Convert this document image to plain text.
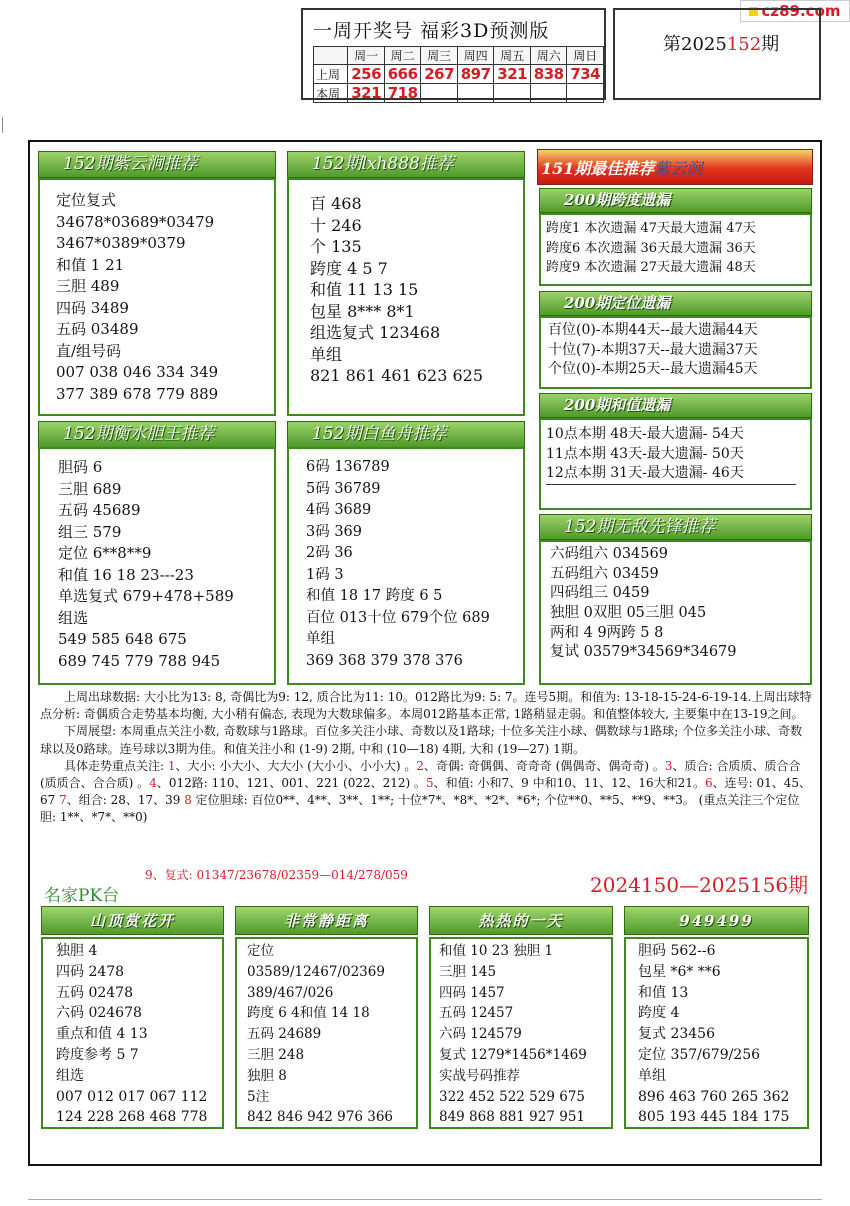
cz89.com
一周开奖号 福彩3D预测版
	周一	周二	周三	周四	周五	周六	周日
上周	256	666	267	897	321	838	734
本周	321	718					
第2025152期
152期紫云涧推荐
定位复式
34678*03689*03479
3467*0389*0379
和值 1 21
三胆 489
四码 3489
五码 03489
直/组号码
007 038 046 334 349
377 389 678 779 889
152期lxh888推荐
百 468
十 246
个 135
跨度 4 5 7
和值 11 13 15
包星 8*** 8*1
组选复式 123468
单组
821 861 461 623 625
152期衡水胆王推荐
胆码 6
三胆 689
五码 45689
组三 579
定位 6**8**9
和值 16 18 23---23
单选复式 679+478+589
组选
549 585 648 675
689 745 779 788 945
152期白鱼舟推荐
6码 136789
5码 36789
4码 3689
3码 369
2码 36
1码 3
和值 18 17 跨度 6 5
百位 013十位 679个位 689
单组
369 368 379 378 376
151期最佳推荐紫云涧
200期跨度遗漏
跨度1 本次遗漏 47天最大遗漏 47天
跨度6 本次遗漏 36天最大遗漏 36天
跨度9 本次遗漏 27天最大遗漏 48天
200期定位遗漏
百位(0)-本期44天--最大遗漏44天
十位(7)-本期37天--最大遗漏37天
个位(0)-本期25天--最大遗漏45天
200期和值遗漏
10点本期 48天-最大遗漏- 54天
11点本期 43天-最大遗漏- 50天
12点本期 31天-最大遗漏- 46天
152期无敌先锋推荐
六码组六 034569
五码组六 03459
四码组三 0459
独胆 0双胆 05三胆 045
两和 4 9两跨 5 8
复试 03579*34569*34679

上周出球数据: 大小比为13: 8, 奇偶比为9: 12, 质合比为11: 10。012路比为9: 5: 7。连号5期。和值为: 13-18-15-24-6-19-14.上周出球特点分析: 奇偶质合走势基本均衡, 大小稍有偏态, 表现为大数球偏多。本周012路基本正常, 1路稍显走弱。和值整体较大, 主要集中在13-19之间。

下周展望: 本周重点关注小数, 奇数球与1路球。百位多关注小球、奇数以及1路球; 十位多关注小球、偶数球与1路球; 个位多关注小球、奇数球以及0路球。连号球以3期为佳。和值关注小和 (1-9) 2期, 中和 (10—18) 4期, 大和 (19—27) 1期。

具体走势重点关注: 1、大小: 小大小、大大小 (大小小、小小大) 。2、奇偶: 奇偶偶、奇奇奇 (偶偶奇、偶奇奇) 。3、质合: 合质质、质合合 (质质合、合合质) 。4、012路: 110、121、001、221 (022、212) 。5、和值: 小和7、9 中和10、11、12、16大和21。6、连号: 01、45、67 7、组合: 28、17、39 8 定位胆球: 百位0**、4**、3**、1**; 十位*7*、*8*、*2*、*6*; 个位**0、**5、**9、**3。 (重点关注三个定位胆: 1**、*7*、**0)

9、复式: 01347/23678/02359—014/278/059
名家PK台	2024150—2025156期
山顶赏花开
独胆 4
四码 2478
五码 02478
六码 024678
重点和值 4 13
跨度参考 5 7
组选
007 012 017 067 112
124 228 268 468 778
非常静距离
定位
03589/12467/02369
389/467/026
跨度 6 4和值 14 18
五码 24689
三胆 248
独胆 8
5注
842 846 942 976 366
热热的一天
和值 10 23 独胆 1
三胆 145
四码 1457
五码 12457
六码 124579
复式 1279*1456*1469
实战号码推荐
322 452 522 529 675
849 868 881 927 951
949499
胆码 562--6
包星 *6* **6
和值 13
跨度 4
复式 23456
定位 357/679/256
单组
896 463 760 265 362
805 193 445 184 175
